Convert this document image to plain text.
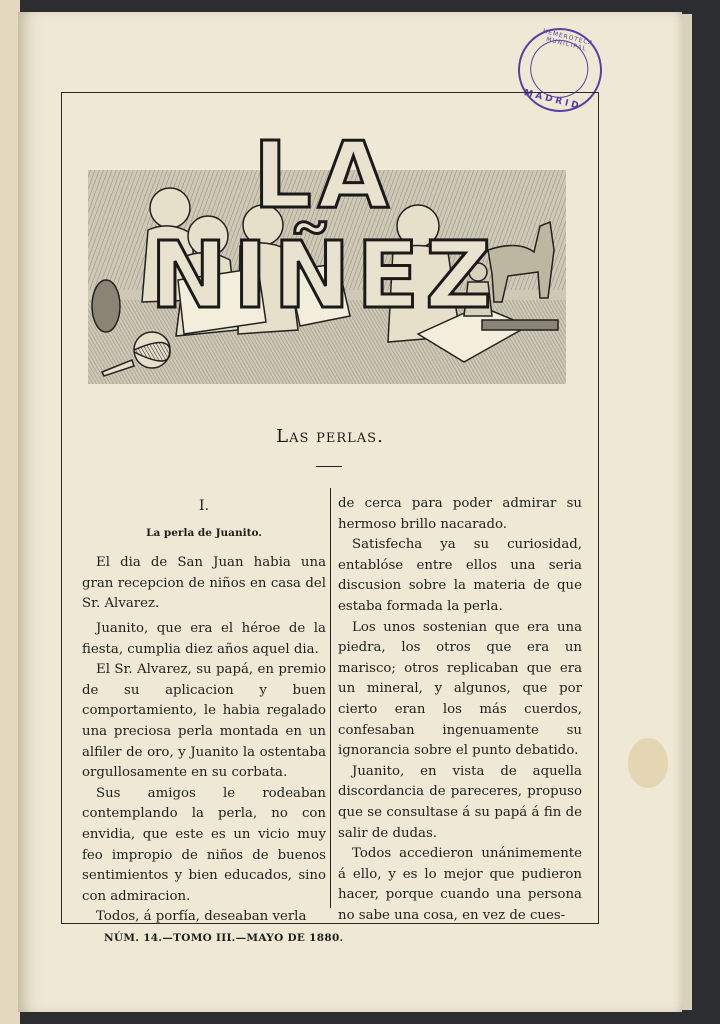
HEMEROTECA MUNICIPAL
MADRID
LA NIÑEZ
Las perlas.

I.

La perla de Juanito.

El dia de San Juan habia una gran recepcion de niños en casa del Sr. Alvarez.

Juanito, que era el héroe de la fiesta, cumplia diez años aquel dia.

El Sr. Alvarez, su papá, en premio de su aplicacion y buen comportamiento, le habia regalado una preciosa perla montada en un alfiler de oro, y Juanito la ostentaba orgullosamente en su corbata.

Sus amigos le rodeaban contemplando la perla, no con envidia, que este es un vicio muy feo impropio de niños de buenos sentimientos y bien educados, sino con admiracion.

Todos, á porfía, deseaban verla

de cerca para poder admirar su hermoso brillo nacarado.

Satisfecha ya su curiosidad, entablóse entre ellos una seria discusion sobre la materia de que estaba formada la perla.

Los unos sostenian que era una piedra, los otros que era un marisco; otros replicaban que era un mineral, y algunos, que por cierto eran los más cuerdos, confesaban ingenuamente su ignorancia sobre el punto debatido.

Juanito, en vista de aquella discordancia de pareceres, propuso que se consultase á su papá á fin de salir de dudas.

Todos accedieron unánimemente á ello, y es lo mejor que pudieron hacer, porque cuando una persona no sabe una cosa, en vez de cues-

NÚM. 14.—TOMO III.—MAYO DE 1880.
